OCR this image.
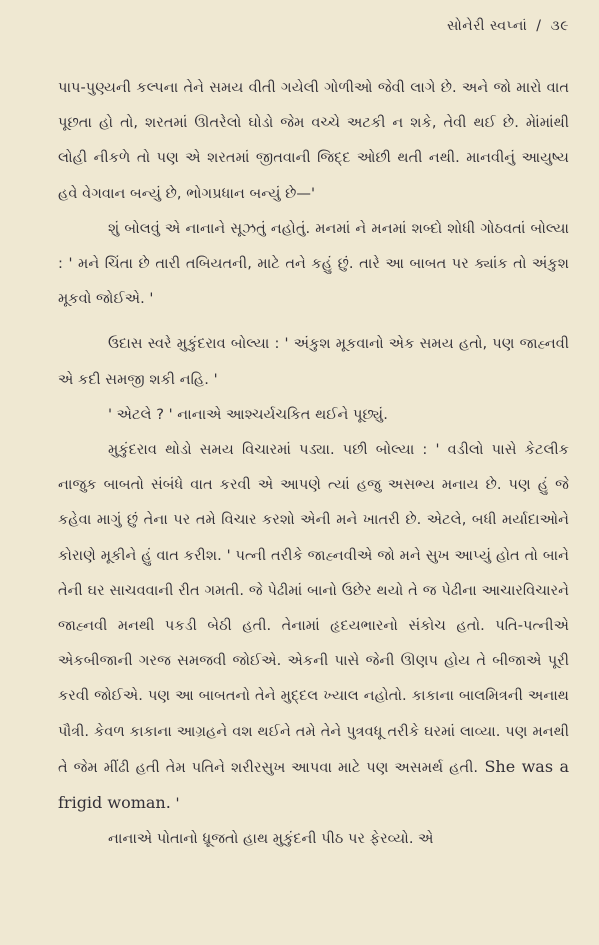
સોનેરી સ્વપ્નાં / ૩૯

પાપ-પુણ્યની કલ્પના તેને સમય વીતી ગયેલી ગોળીઓ જેવી લાગે છે. અને જો મારો વાત પૂછતા હો તો, શરતમાં ઊતરેલો ઘોડો જેમ વચ્ચે અટકી ન શકે, તેવી થઈ છે. મેાંમાંથી લોહી નીકળે તો પણ એ શરતમાં જીતવાની જિદ્દ ઓછી થતી નથી. માનવીનું આયુષ્ય હવે વેગવાન બન્યું છે, ભોગપ્રધાન બન્યું છે—'

શું બોલવું એ નાનાને સૂઝતું નહોતું. મનમાં ને મનમાં શબ્દો શોધી ગોઠવતાં બોલ્યા : ' મને ચિંતા છે તારી તબિયતની, માટે તને કહું છું. તારે આ બાબત પર ક્યાંક તો અંકુશ મૂકવો જોઈએ. '

ઉદાસ સ્વરે મુકુંદરાવ બોલ્યા : ' અંકુશ મૂકવાનો એક સમય હતો, પણ જાહ્નવી એ કદી સમજી શકી નહિ. '

' એટલે ? ' નાનાએ આશ્ચર્યચકિત થઈને પૂછ્યું.

મુકુંદરાવ થોડો સમય વિચારમાં પડ્યા. પછી બોલ્યા : ' વડીલો પાસે કેટલીક નાજુક બાબતો સંબંધે વાત કરવી એ આપણે ત્યાં હજુ અસભ્ય મનાય છે. પણ હું જે કહેવા માગું છું તેના પર તમે વિચાર કરશો એની મને ખાતરી છે. એટલે, બધી મર્યાદાઓને કોરાણે મૂકીને હું વાત કરીશ. ' પત્ની તરીકે જાહ્નવીએ જો મને સુખ આપ્યું હોત તો બાને તેની ઘર સાચવવાની રીત ગમતી. જે પેઢીમાં બાનો ઉછેર થયો તે જ પેઢીના આચારવિચારને જાહ્નવી મનથી પકડી બેઠી હતી. તેનામાં હૃદયભારનો સંકોચ હતો. પતિ-પત્નીએ એકબીજાની ગરજ સમજવી જોઈએ. એકની પાસે જેની ઊણપ હોય તે બીજાએ પૂરી કરવી જોઈએ. પણ આ બાબતનો તેને મુદ્દલ ખ્યાલ નહોતો. કાકાના બાલમિત્રની અનાથ પૌત્રી. કેવળ કાકાના આગ્રહને વશ થઈને તમે તેને પુત્રવધૂ તરીકે ઘરમાં લાવ્યા. પણ મનથી તે જેમ મીંઢી હતી તેમ પતિને શરીરસુખ આપવા માટે પણ અસમર્થ હતી. She was a frigid woman. '

નાનાએ પોતાનો ધ્રૂજતો હાથ મુકુંદની પીઠ પર ફેરવ્યો. એ
